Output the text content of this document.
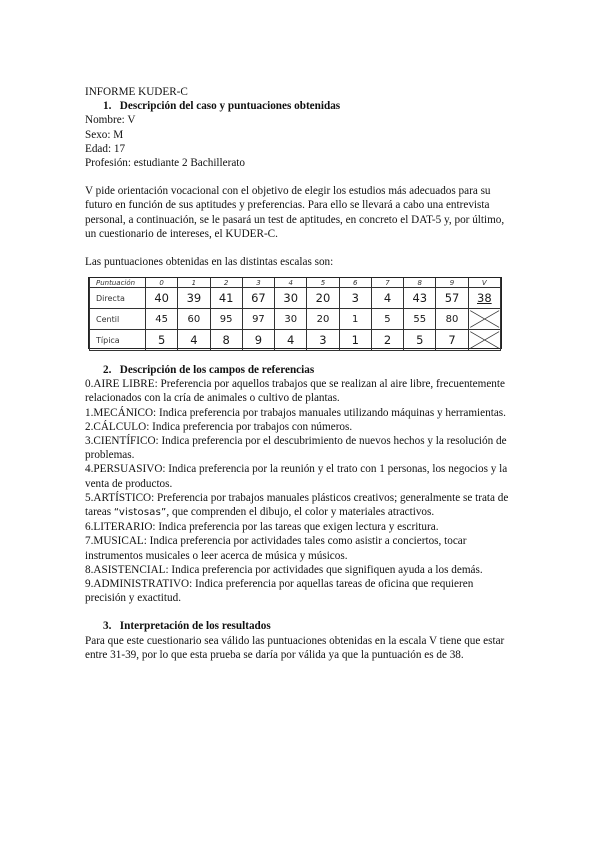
INFORME KUDER-C
1. Descripción del caso y puntuaciones obtenidas
Nombre: V
Sexo: M
Edad: 17
Profesión: estudiante 2 Bachillerato
V pide orientación vocacional con el objetivo de elegir los estudios más adecuados para su futuro en función de sus aptitudes y preferencias. Para ello se llevará a cabo una entrevista personal, a continuación, se le pasará un test de aptitudes, en concreto el DAT-5 y, por último, un cuestionario de intereses, el KUDER-C.
Las puntuaciones obtenidas en las distintas escalas son:
Puntuación	0	1	2	3	4	5	6	7	8	9	V
Directa	40	39	41	67	30	20	3	4	43	57	38
Centil	45	60	95	97	30	20	1	5	55	80	

Típica	5	4	8	9	4	3	1	2	5	7	
2. Descripción de los campos de referencias
0.AIRE LIBRE: Preferencia por aquellos trabajos que se realizan al aire libre, frecuentemente relacionados con la cría de animales o cultivo de plantas.
1.MECÁNICO: Indica preferencia por trabajos manuales utilizando máquinas y herramientas.
2.CÁLCULO: Indica preferencia por trabajos con números.
3.CIENTÍFICO: Indica preferencia por el descubrimiento de nuevos hechos y la resolución de problemas.
4.PERSUASIVO: Indica preferencia por la reunión y el trato con 1 personas, los negocios y la venta de productos.
5.ARTÍSTICO: Preferencia por trabajos manuales plásticos creativos; generalmente se trata de tareas “vistosas”, que comprenden el dibujo, el color y materiales atractivos.
6.LITERARIO: Indica preferencia por las tareas que exigen lectura y escritura.
7.MUSICAL: Indica preferencia por actividades tales como asistir a conciertos, tocar instrumentos musicales o leer acerca de música y músicos.
8.ASISTENCIAL: Indica preferencia por actividades que signifiquen ayuda a los demás.
9.ADMINISTRATIVO: Indica preferencia por aquellas tareas de oficina que requieren precisión y exactitud.
3. Interpretación de los resultados
Para que este cuestionario sea válido las puntuaciones obtenidas en la escala V tiene que estar entre 31-39, por lo que esta prueba se daría por válida ya que la puntuación es de 38.
